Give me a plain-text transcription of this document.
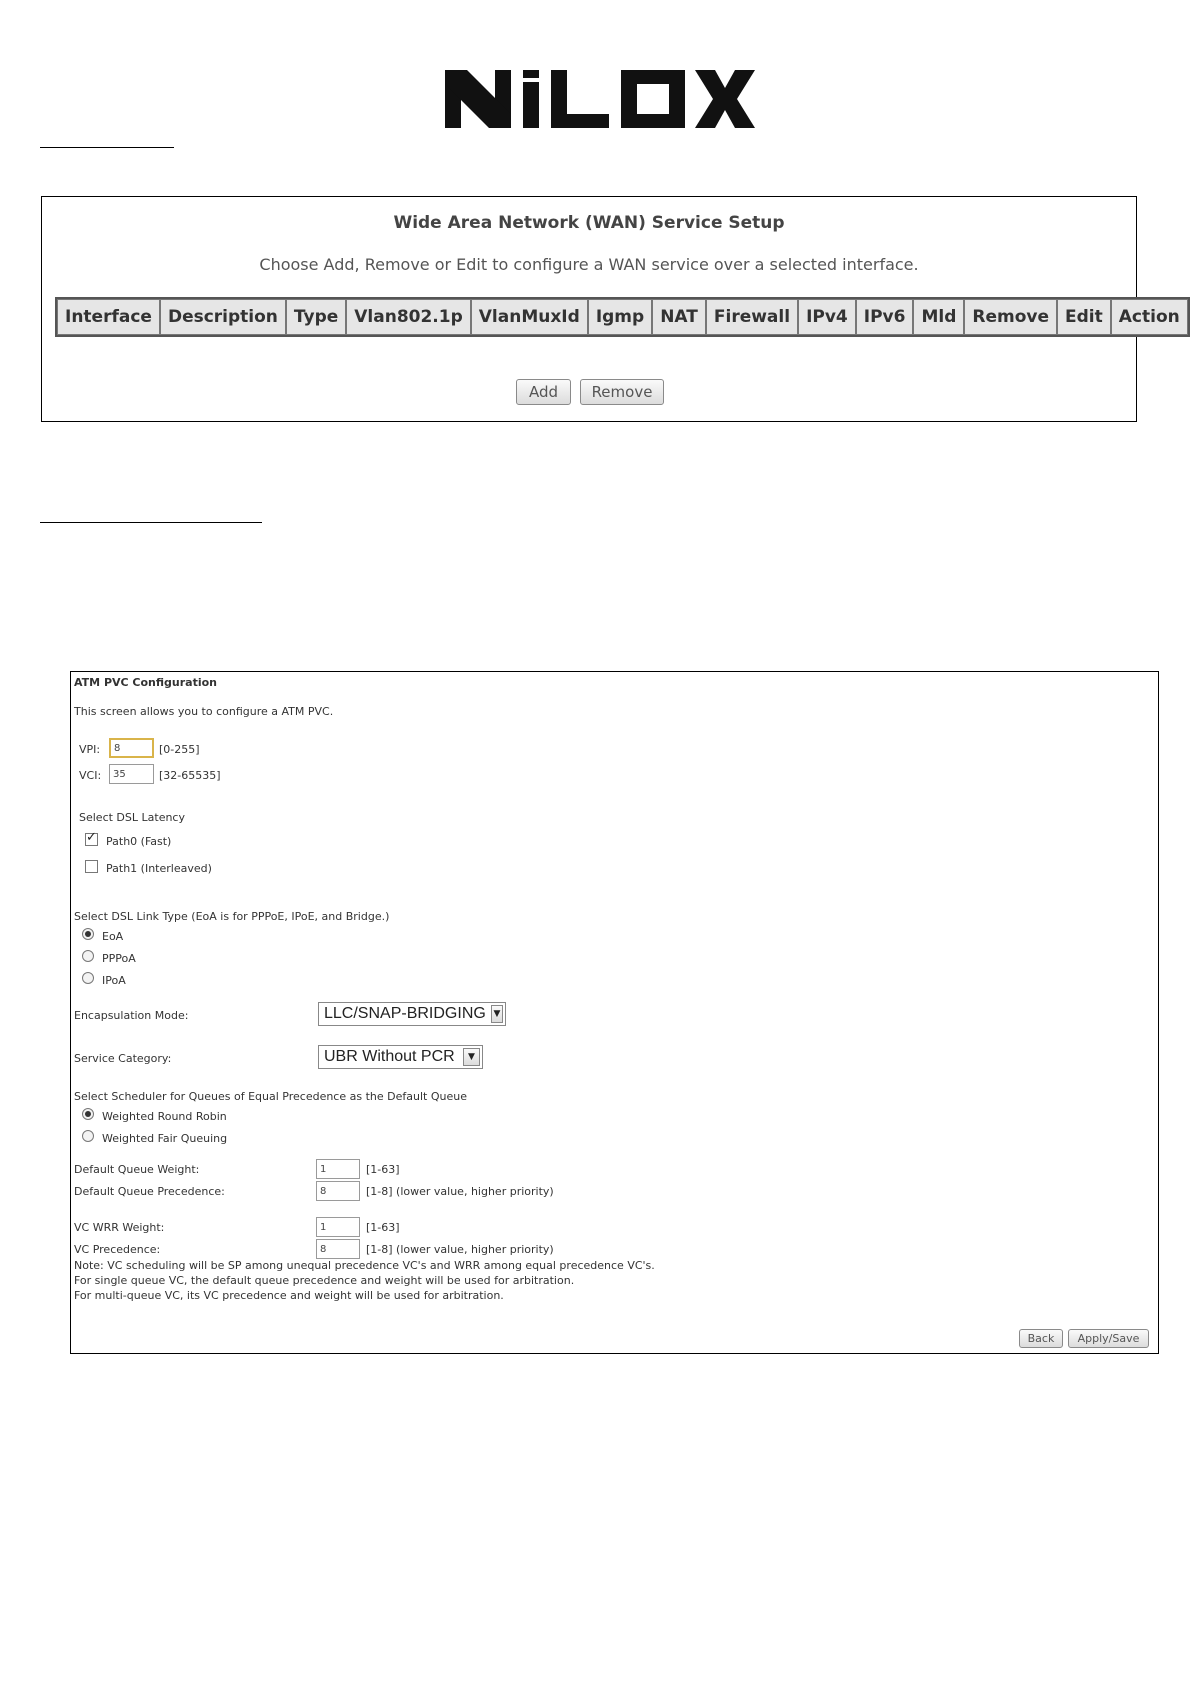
Wide Area Network (WAN) Service Setup
Choose Add, Remove or Edit to configure a WAN service over a selected interface.
Interface	Description	Type	Vlan802.1p	VlanMuxId	Igmp	NAT	Firewall	IPv4	IPv6	Mld	Remove	Edit	Action
Add	Remove
ATM PVC Configuration
This screen allows you to configure a ATM PVC.
VPI:
8	[0-255]
VCI:
35	[32-65535]
Select DSL Latency
✓
Path0 (Fast)
Path1 (Interleaved)
Select DSL Link Type (EoA is for PPPoE, IPoE, and Bridge.)
EoA
PPPoA
IPoA
Encapsulation Mode:	LLC/SNAP-BRIDGING ▼
Service Category:	UBR Without PCR	▼
Select Scheduler for Queues of Equal Precedence as the Default Queue
Weighted Round Robin
Weighted Fair Queuing
Default Queue Weight:
1	[1-63]
Default Queue Precedence:
8	[1-8] (lower value, higher priority)
VC WRR Weight:
1	[1-63]
VC Precedence:
8	[1-8] (lower value, higher priority)
Note: VC scheduling will be SP among unequal precedence VC's and WRR among equal precedence VC's.
For single queue VC, the default queue precedence and weight will be used for arbitration.
For multi-queue VC, its VC precedence and weight will be used for arbitration.
Back	Apply/Save
